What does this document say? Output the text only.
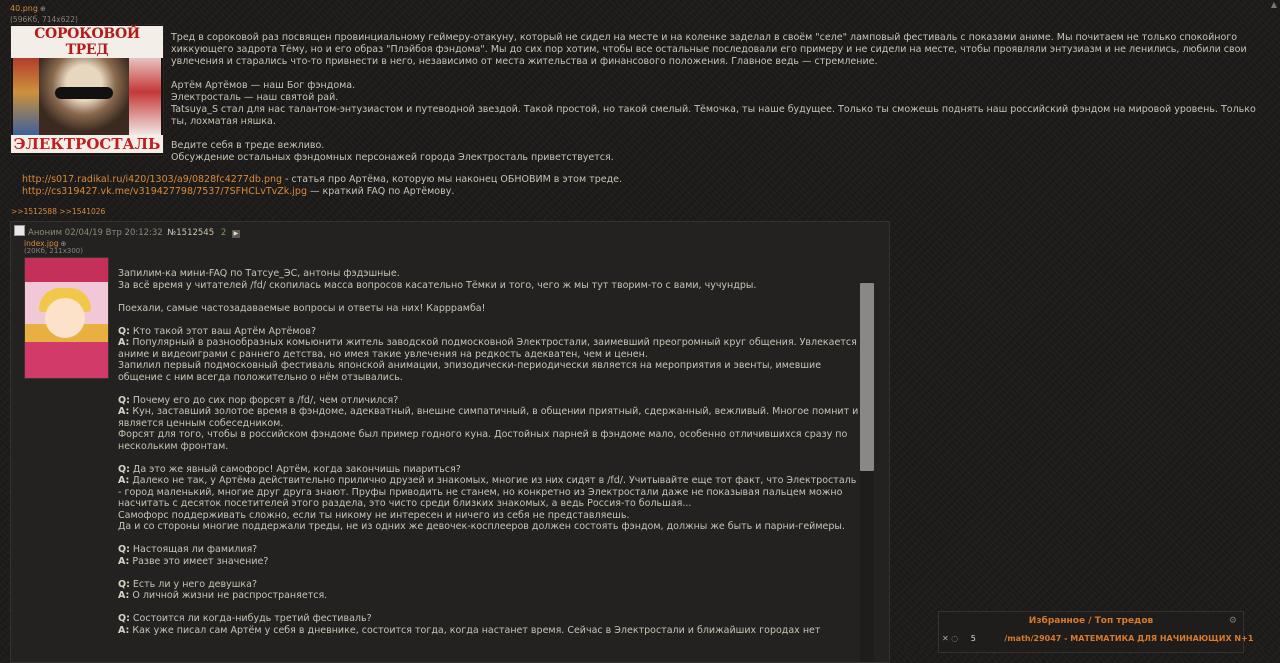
▲
40.png ⊕
(596Кб, 714x622)
СОРОКОВОЙ ТРЕД
ЭЛЕКТРОСТАЛЬ

Тред в сороковой раз посвящен провинциальному геймеру-отакуну, который не сидел на месте и на коленке заделал в своём "селе" ламповый фестиваль с показами аниме. Мы почитаем не только спокойного хиккующего задрота Тёму, но и его образ "Плэйбоя фэндома". Мы до сих пор хотим, чтобы все остальные последовали его примеру и не сидели на месте, чтобы проявляли энтузиазм и не ленились, любили свои увлечения и старались что-то привнести в него, независимо от места жительства и финансового положения. Главное ведь — стремление.

Артём Артёмов — наш Бог фэндома.
Электросталь — наш святой рай.
Tatsuya_S стал для нас талантом-энтузиастом и путеводной звездой. Такой простой, но такой смелый. Тёмочка, ты наше будущее. Только ты сможешь поднять наш российский фэндом на мировой уровень. Только ты, лохматая няшка.

Ведите себя в треде вежливо.
Обсуждение остальных фэндомных персонажей города Электросталь приветствуется.

http://s017.radikal.ru/i420/1303/a9/0828fc4277db.png - статья про Артёма, которую мы наконец ОБНОВИМ в этом треде.
http://cs319427.vk.me/v319427798/7537/7SFHCLvTvZk.jpg — краткий FAQ по Артёмову.
>>1512588 >>1541026
Аноним 02/04/19 Втр 20:12:32 №1512545 2 ▶
index.jpg ⊕
(20Кб, 211x300)

Запилим-ка мини-FAQ по Татсуе_ЭС, антоны фэдэшные.
За всё время у читателей /fd/ скопилась масса вопросов касательно Тёмки и того, чего ж мы тут творим-то с вами, чучундры.

Поехали, самые частозадаваемые вопросы и ответы на них! Карррамба!

Q: Кто такой этот ваш Артём Артёмов?
A: Популярный в разнообразных комьюнити житель заводской подмосковной Электростали, заимевший преогромный круг общения. Увлекается аниме и видеоиграми с раннего детства, но имея такие увлечения на редкость адекватен, чем и ценен.
Запилил первый подмосковный фестиваль японской анимации, эпизодически-периодически является на мероприятия и эвенты, имевшие общение с ним всегда положительно о нём отзывались.

Q: Почему его до сих пор форсят в /fd/, чем отличился?
A: Кун, заставший золотое время в фэндоме, адекватный, внешне симпатичный, в общении приятный, сдержанный, вежливый. Многое помнит и является ценным собеседником.
Форсят для того, чтобы в российском фэндоме был пример годного куна. Достойных парней в фэндоме мало, особенно отличившихся сразу по нескольким фронтам.

Q: Да это же явный самофорс! Артём, когда закончишь пиариться?
A: Далеко не так, у Артёма действительно прилично друзей и знакомых, многие из них сидят в /fd/. Учитывайте еще тот факт, что Электросталь - город маленький, многие друг друга знают. Пруфы приводить не станем, но конкретно из Электростали даже не показывая пальцем можно насчитать с десяток посетителей этого раздела, это чисто среди близких знакомых, а ведь Россия-то большая...
Самофорс поддерживать сложно, если ты никому не интересен и ничего из себя не представляешь.
Да и со стороны многие поддержали треды, не из одних же девочек-косплееров должен состоять фэндом, должны же быть и парни-геймеры.

Q: Настоящая ли фамилия?
A: Разве это имеет значение?

Q: Есть ли у него девушка?
A: О личной жизни не распространяется.

Q: Состоится ли когда-нибудь третий фестиваль?
A: Как уже писал сам Артём у себя в дневнике, состоится тогда, когда настанет время. Сейчас в Электростали и ближайших городах нет

Избранное / Топ тредов	⚙
✕ ◌ 5	/math/29047 - МАТЕМАТИКА ДЛЯ НАЧИНАЮЩИХ N+1
